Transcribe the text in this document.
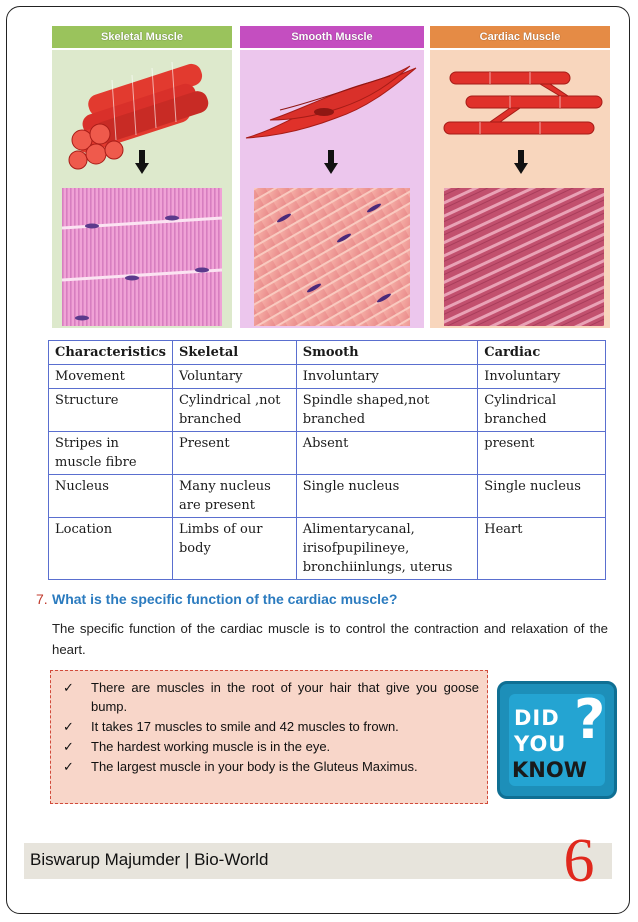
Skeletal Muscle	Smooth Muscle	Cardiac Muscle
Characteristics	Skeletal	Smooth	Cardiac
Movement	Voluntary	Involuntary	Involuntary
Structure	Cylindrical ,not branched	Spindle shaped,not branched	Cylindrical branched
Stripes in muscle fibre	Present	Absent	present
Nucleus	Many nucleus are present	Single nucleus	Single nucleus
Location	Limbs of our body	Alimentarycanal, irisofpupilineye, bronchiinlungs, uterus	Heart
7. What is the specific function of the cardiac muscle?
The specific function of the cardiac muscle is to control the contraction and relaxation of the heart.
✓ There are muscles in the root of your hair that give you goose bump.
✓ It takes 17 muscles to smile and 42 muscles to frown.
✓ The hardest working muscle is in the eye.
✓ The largest muscle in your body is the Gluteus Maximus.
DID
YOU
KNOW
?
Biswarup Majumder | Bio-World	6
